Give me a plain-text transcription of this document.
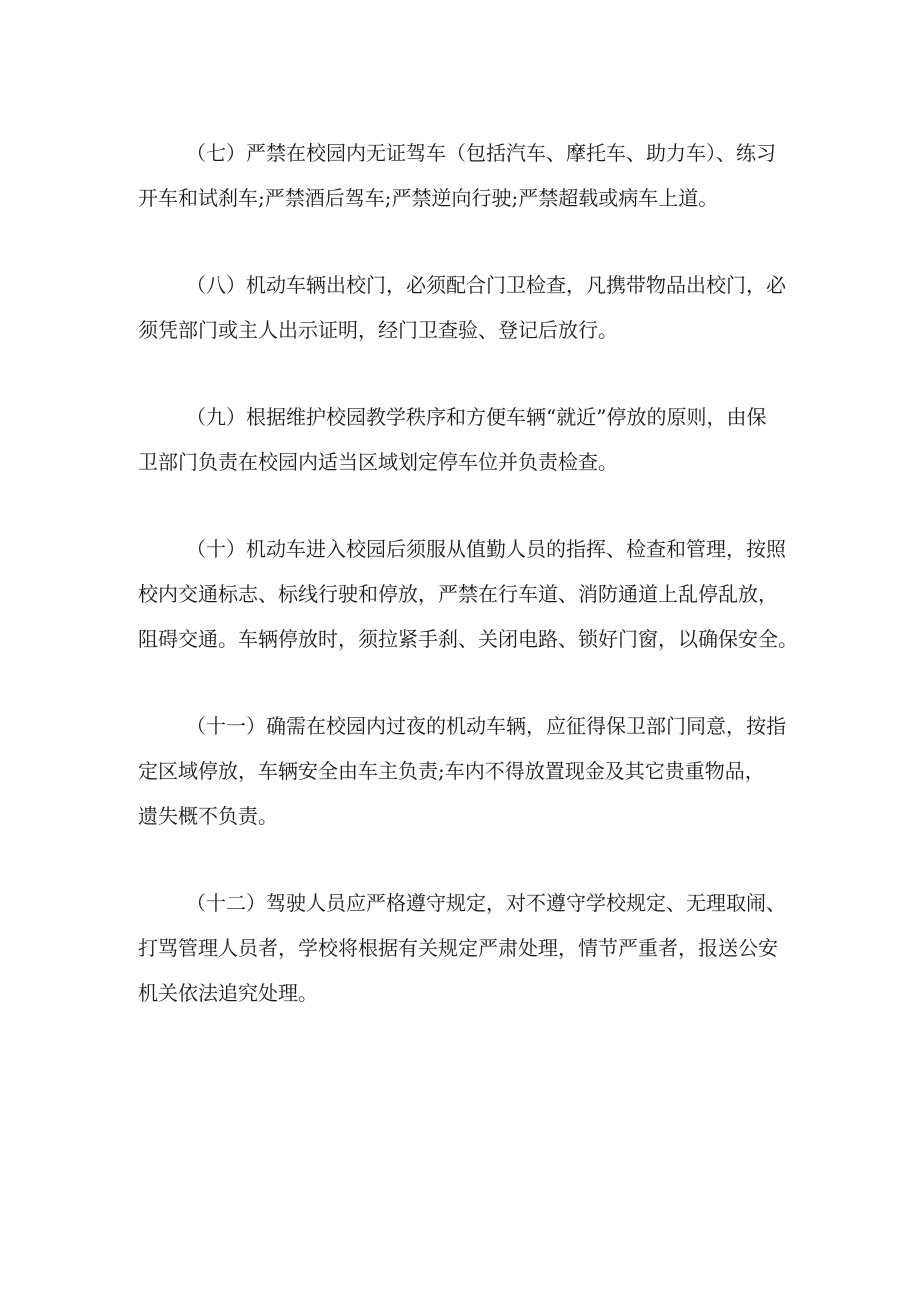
（七）严禁在校园内无证驾车（包括汽车、摩托车、助力车）、练习
开车和试刹车;严禁酒后驾车;严禁逆向行驶;严禁超载或病车上道。

（八）机动车辆出校门，必须配合门卫检查，凡携带物品出校门，必
须凭部门或主人出示证明，经门卫查验、登记后放行。

（九）根据维护校园教学秩序和方便车辆“就近”停放的原则，由保
卫部门负责在校园内适当区域划定停车位并负责检查。

（十）机动车进入校园后须服从值勤人员的指挥、检查和管理，按照
校内交通标志、标线行驶和停放，严禁在行车道、消防通道上乱停乱放，
阻碍交通。车辆停放时，须拉紧手刹、关闭电路、锁好门窗，以确保安全。

（十一）确需在校园内过夜的机动车辆，应征得保卫部门同意，按指
定区域停放，车辆安全由车主负责;车内不得放置现金及其它贵重物品，
遗失概不负责。

（十二）驾驶人员应严格遵守规定，对不遵守学校规定、无理取闹、
打骂管理人员者，学校将根据有关规定严肃处理，情节严重者，报送公安
机关依法追究处理。
